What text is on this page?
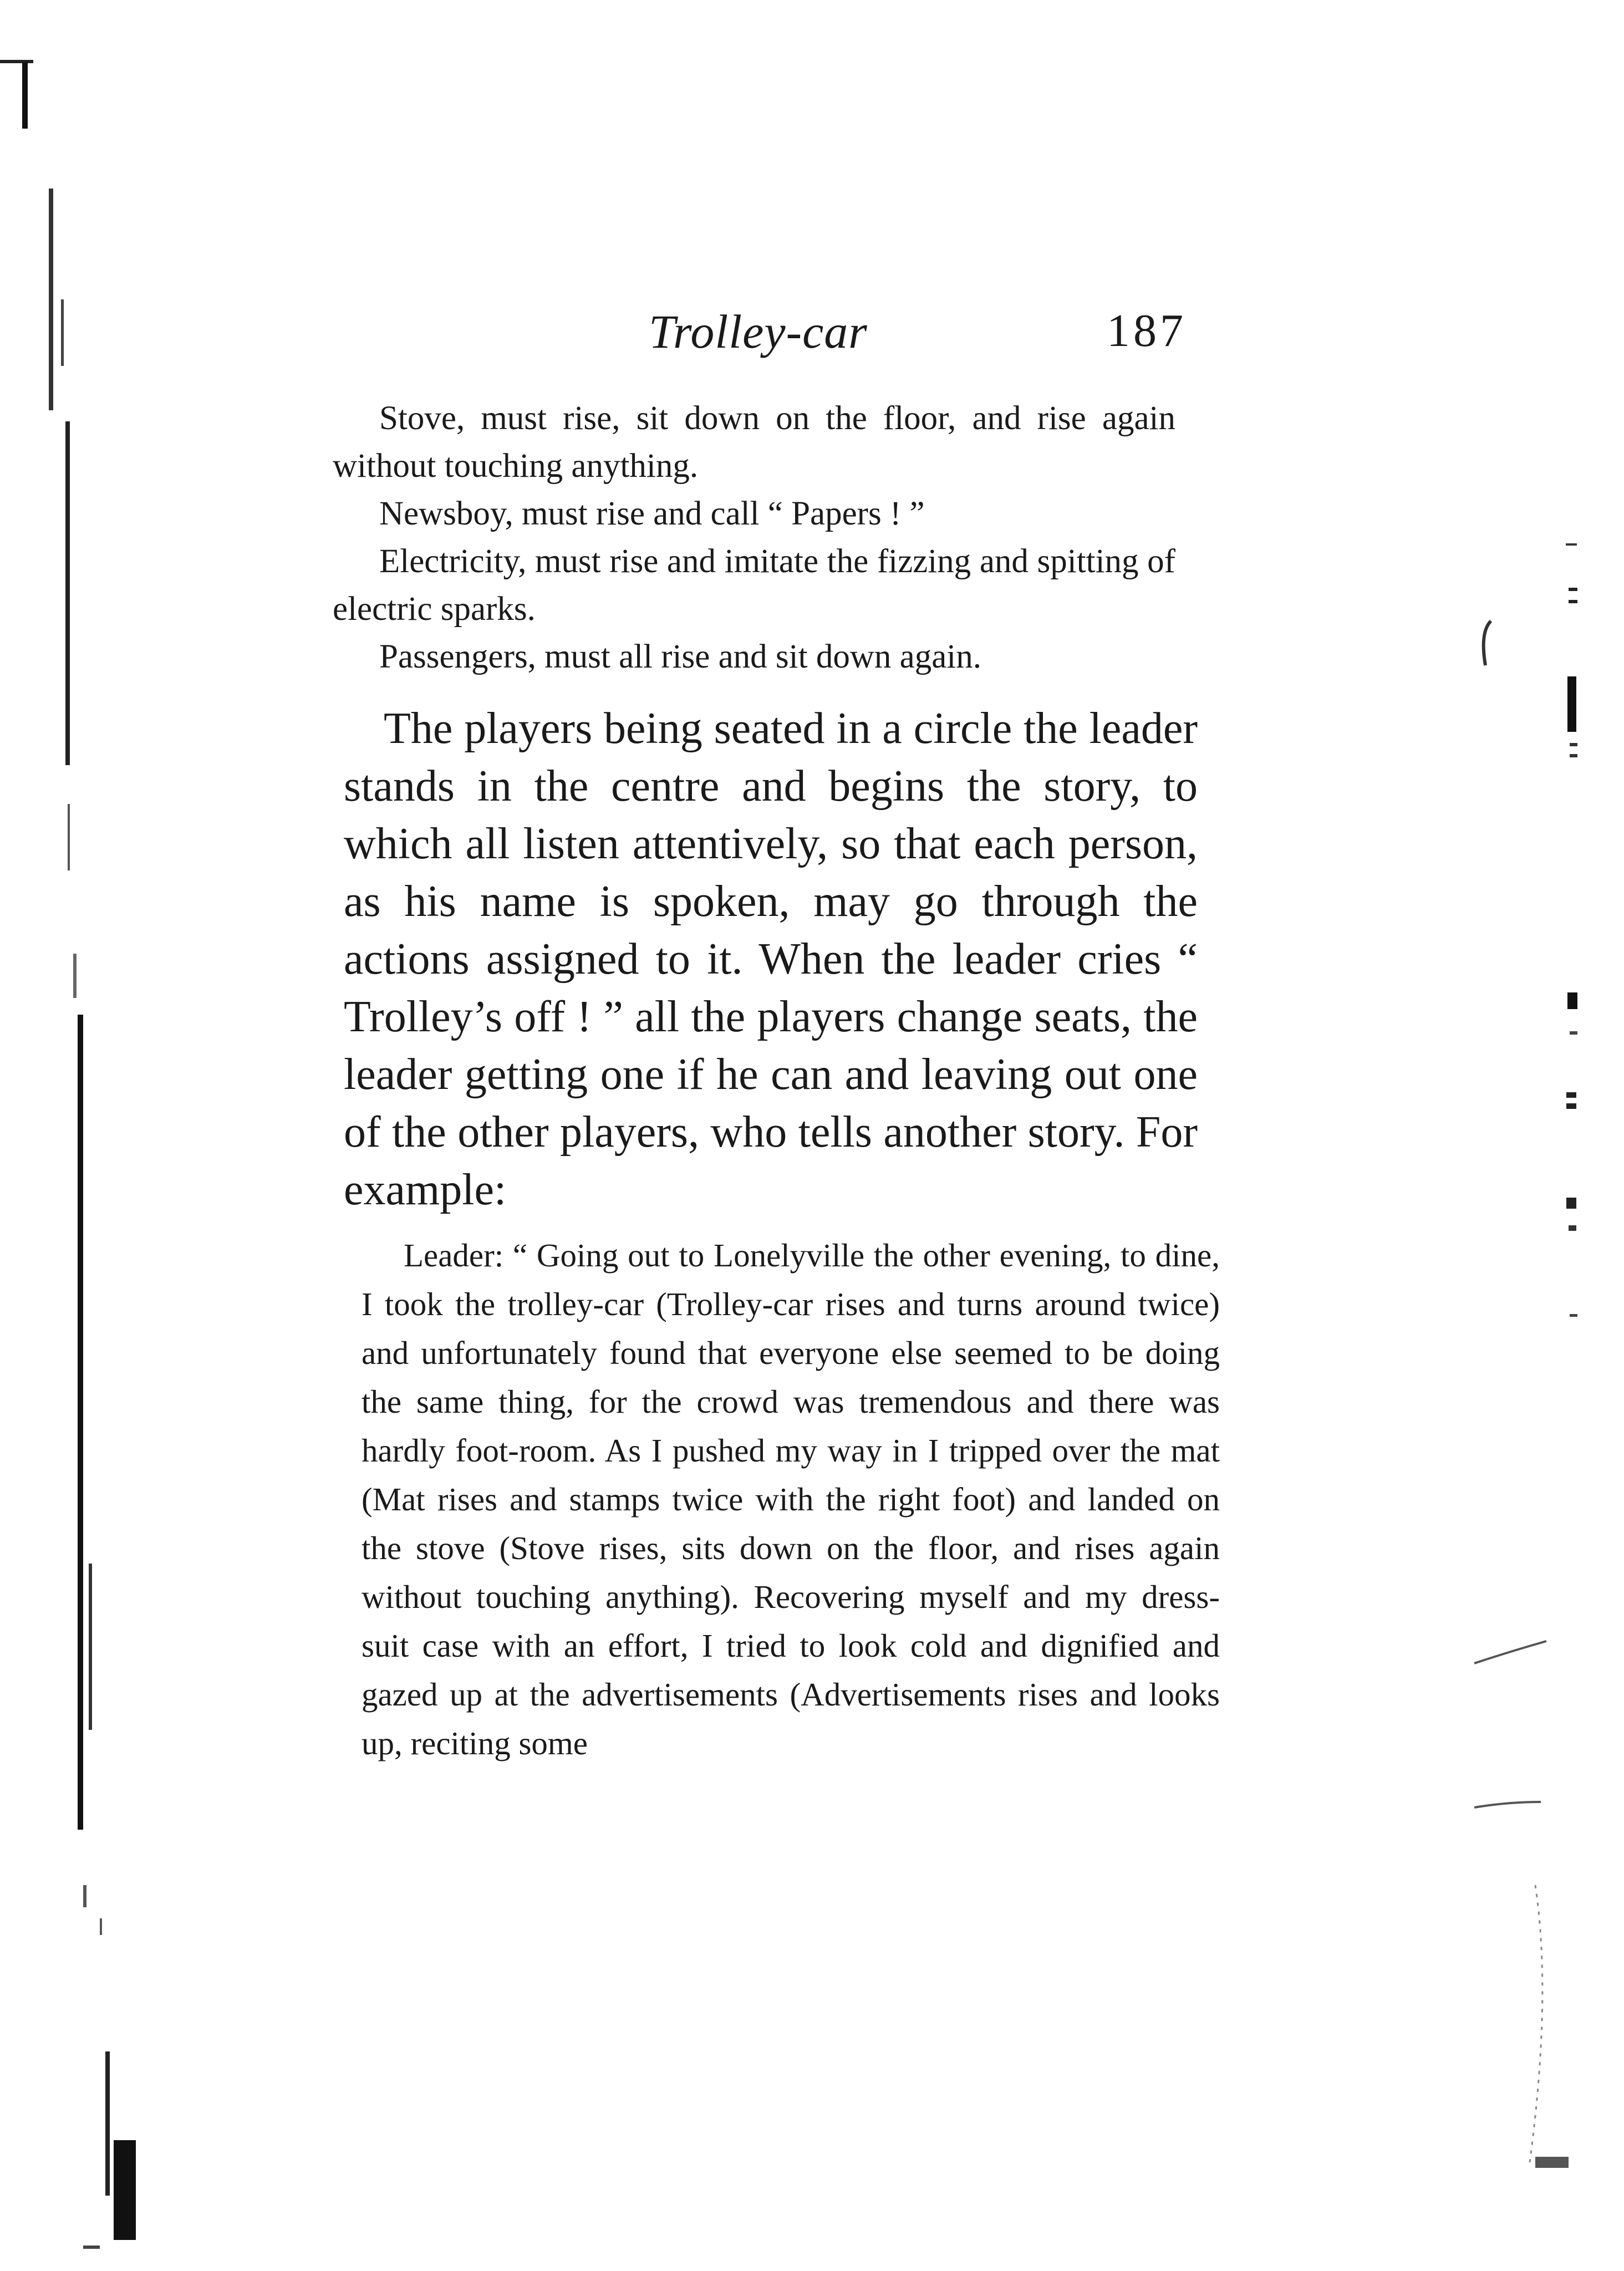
Trolley-car	187

Stove, must rise, sit down on the floor, and rise again without touching anything.

Newsboy, must rise and call “ Papers ! ”

Electricity, must rise and imitate the fizzing and spitting of electric sparks.

Passengers, must all rise and sit down again.

The players being seated in a circle the leader stands in the centre and begins the story, to which all listen attentively, so that each person, as his name is spoken, may go through the actions assigned to it. When the leader cries “ Trolley’s off ! ” all the players change seats, the leader getting one if he can and leaving out one of the other players, who tells another story. For example:

Leader: “ Going out to Lonelyville the other evening, to dine, I took the trolley-car (Trolley-car rises and turns around twice) and unfortunately found that everyone else seemed to be doing the same thing, for the crowd was tremendous and there was hardly foot-room. As I pushed my way in I tripped over the mat (Mat rises and stamps twice with the right foot) and landed on the stove (Stove rises, sits down on the floor, and rises again without touching anything). Recovering myself and my dress-suit case with an effort, I tried to look cold and dignified and gazed up at the advertisements (Advertisements rises and looks up, reciting some
